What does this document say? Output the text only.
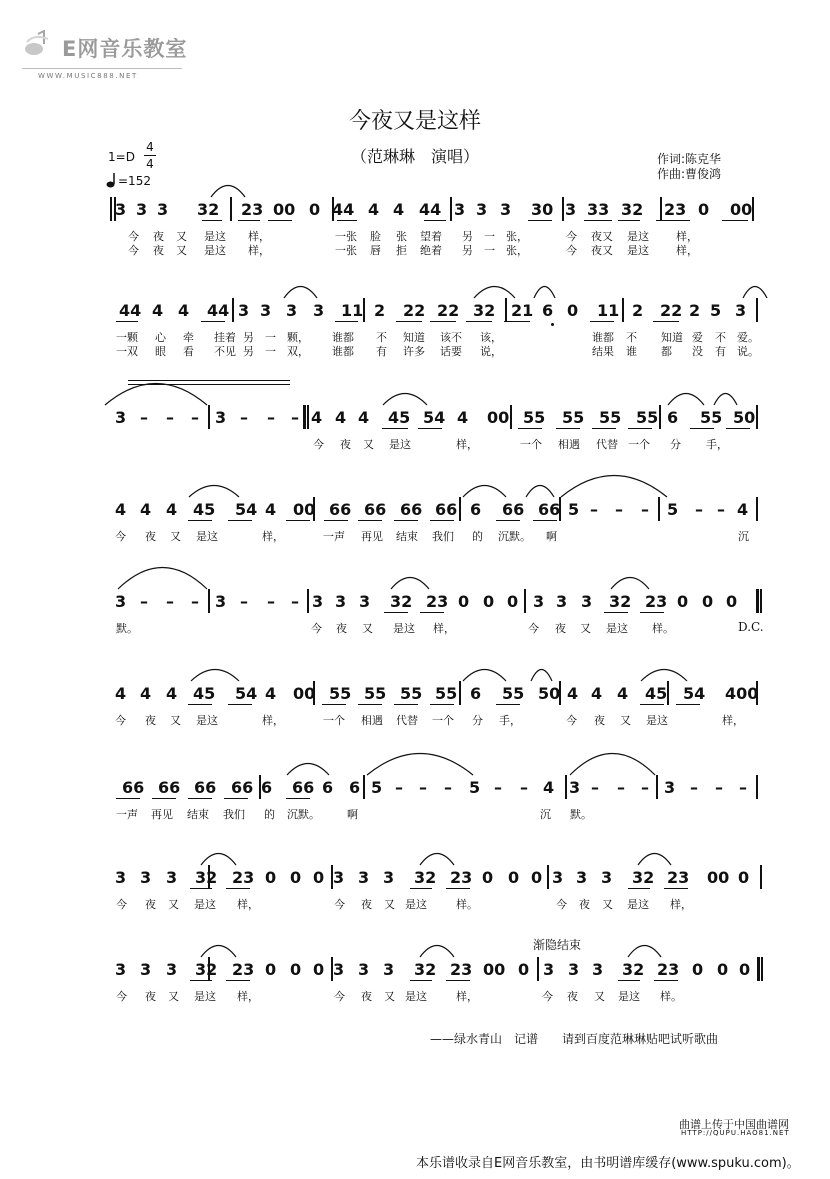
E网音乐教室
WWW.MUSIC888.NET
今夜又是这样
（范琳琳　演唱）	作词:陈克华
作曲:曹俊鸿
1=D
4
4
=152
3 3 3 32 23 00 0 44 4 4 44 3 3 3 30 3 33 32 23 0 00
今 夜 又 是这 样，	一张 脸 张 望着 另 一 张，	今 夜又 是这 样，
今 夜 又 是这 样，	一张 唇 拒 绝着 另 一 张，	今 夜又 是这 样，
44 4 4 44 3 3 3 3 11 2 22 22 32 21 6 0 11 2 22 2 5 3
一颗 心 牵 挂着 另 一 颗， 谁都 不 知道 该不 该，	谁都 不 知道 爱 不 爱。
一双 眼 看 不见 另 一 双， 谁都 有 许多 话要 说，	结果 谁 都 没 有 说。
3 – – – 3 – – – 4 4 4 45 54 4 00 55 55 55 55 6 55 50
今 夜 又 是这	样，	一个 相遇 代替 一个 分 手，
4 4 4 45 54 4 00 66 66 66 66 6 66 66 5 – – – 5 – – 4
今 夜 又 是这	样，	一声 再见 结束 我们 的 沉默。 啊	沉
3 – – – 3 – – – 3 3 3 32 23 0 0 0 3 3 3 32 23 0 0 0
默。	今 夜 又 是这 样，	今 夜 又 是这 样。
4 4 4 45 54 4 00 55 55 55 55 6 55 50 4 4 4 45 54 400
今 夜 又 是这	样，	一个 相遇 代替 一个 分 手，	今 夜 又 是这	样，
66 66 66 66 6 66 6 6 5 – – – 5 – – 4 3 – – – 3 – – –
一声 再见 结束 我们 的 沉默。 啊	沉 默。
3 3 3 32 23 0 0 0 3 3 3 32 23 0 0 0 3 3 3 32 23 00 0
今 夜 又 是这 样，	今 夜 又 是这	样。	今 夜 又 是这 样，
3 3 3 32 23 0 0 0 3 3 3 32 23 00 0 3 3 3 32 23 0 0 0
今 夜 又 是这 样，	今 夜 又 是这	样，	今 夜 又 是这 样。
D.C.
渐隐结束
——绿水青山　记谱　　请到百度范琳琳贴吧试听歌曲
曲谱上传于中国曲谱网
HTTP://QUPU.HAO81.NET
本乐谱收录自E网音乐教室，由书明谱库缓存(www.spuku.com)。
